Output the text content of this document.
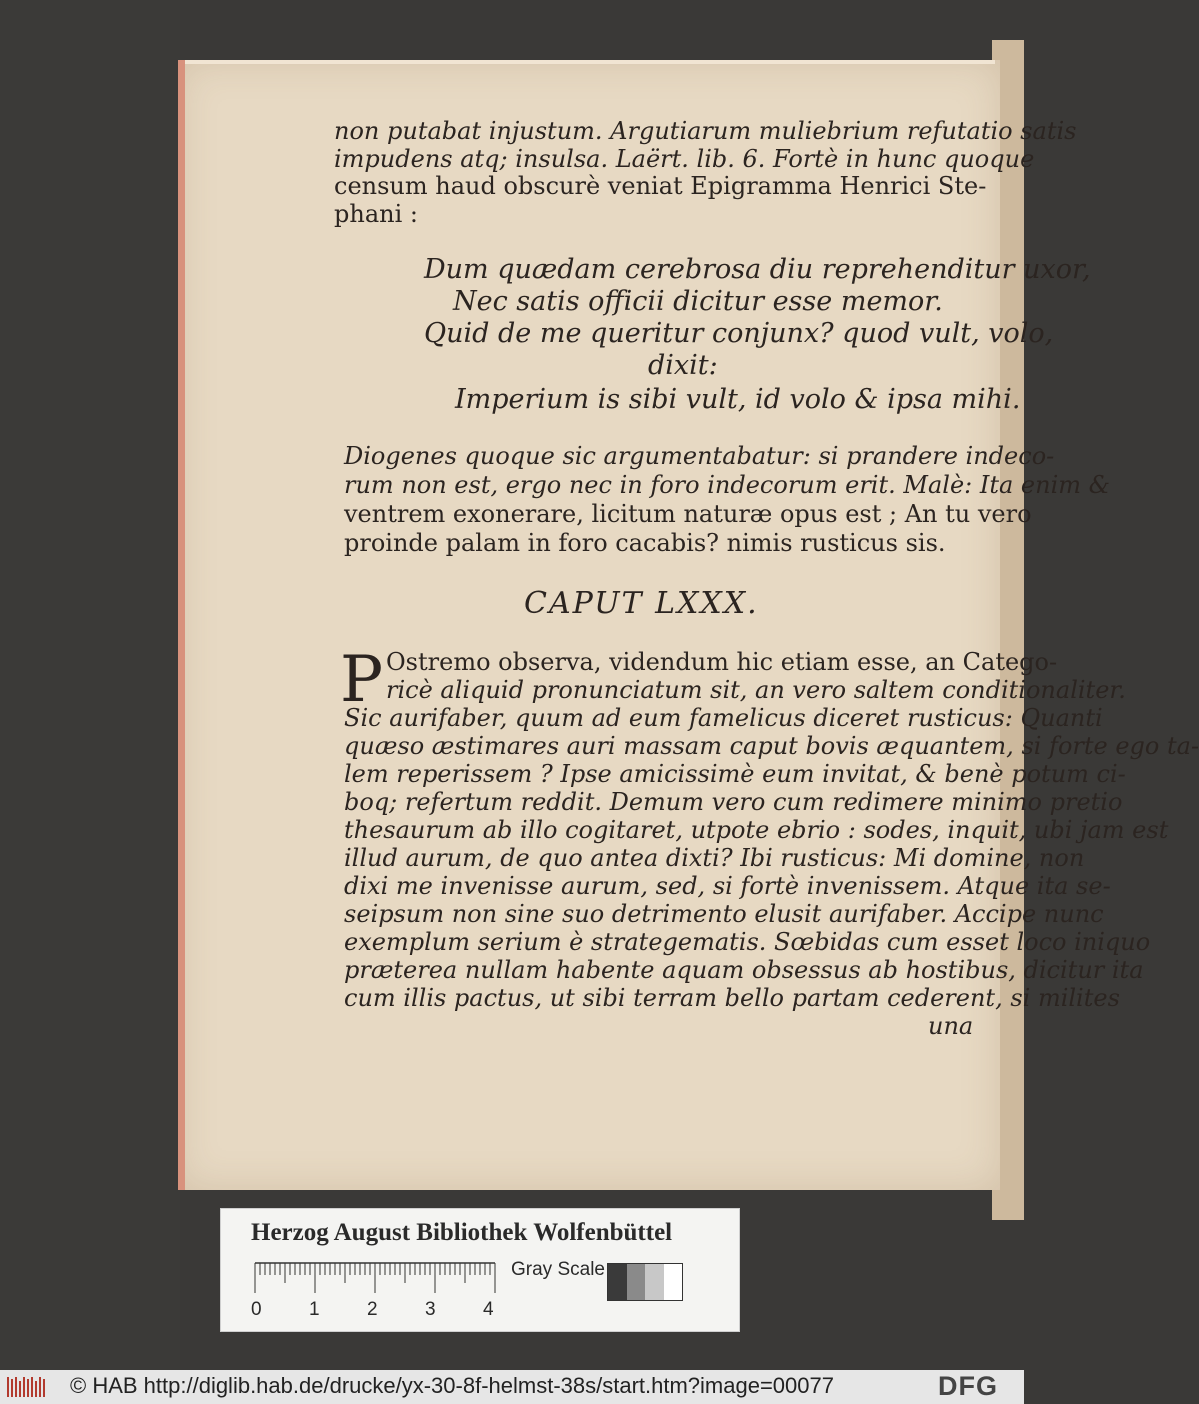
non putabat injustum. Argutiarum muliebrium refutatio satis
impudens atq; insulsa. Laërt. lib. 6. Fortè in hunc quoque
censum haud obscurè veniat Epigramma Henrici Ste-
phani :
Dum quædam cerebrosa diu reprehenditur uxor,
Nec satis officii dicitur esse memor.
Quid de me queritur conjunx? quod vult, volo,
dixit:
Imperium is sibi vult, id volo & ipsa mihi.
Diogenes quoque sic argumentabatur: si prandere indeco-
rum non est, ergo nec in foro indecorum erit. Malè: Ita enim &
ventrem exonerare, licitum naturæ opus est ; An tu vero
proinde palam in foro cacabis? nimis rusticus sis.
CAPUT LXXX.
P Ostremo observa, videndum hic etiam esse, an Catego-
ricè aliquid pronunciatum sit, an vero saltem conditionaliter.
Sic aurifaber, quum ad eum famelicus diceret rusticus: Quanti
quæso æstimares auri massam caput bovis æquantem, si forte ego ta-
lem reperissem ? Ipse amicissimè eum invitat, & benè potum ci-
boq; refertum reddit. Demum vero cum redimere minimo pretio
thesaurum ab illo cogitaret, utpote ebrio : sodes, inquit, ubi jam est
illud aurum, de quo antea dixti? Ibi rusticus: Mi domine, non
dixi me invenisse aurum, sed, si fortè invenissem. Atque ita se-
seipsum non sine suo detrimento elusit aurifaber. Accipe nunc
exemplum serium è strategematis. Sœbidas cum esset loco iniquo
præterea nullam habente aquam obsessus ab hostibus, dicitur ita
cum illis pactus, ut sibi terram bello partam cederent, si milites
una
Herzog August Bibliothek Wolfenbüttel
Gray Scale
0 1 2 3 4
© HAB http://diglib.hab.de/drucke/yx-30-8f-helmst-38s/start.htm?image=00077	DFG
